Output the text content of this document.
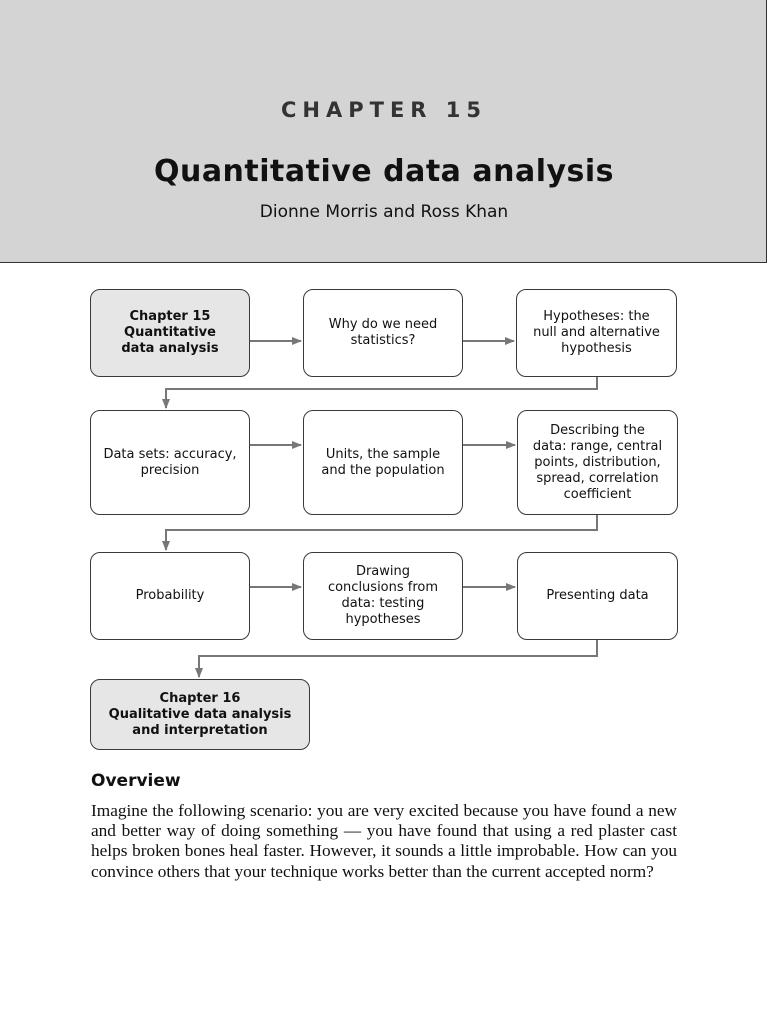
CHAPTER 15
Quantitative data analysis
Dionne Morris and Ross Khan
Chapter 15
Quantitative
data analysis
Why do we need
statistics?
Hypotheses: the
null and alternative
hypothesis
Data sets: accuracy,
precision
Units, the sample
and the population
Describing the
data: range, central
points, distribution,
spread, correlation
coefficient
Probability
Drawing
conclusions from
data: testing
hypotheses
Presenting data
Chapter 16
Qualitative data analysis
and interpretation
Overview

Imagine the following scenario: you are very excited because you have found a new and better way of doing something — you have found that using a red plaster cast helps broken bones heal faster. However, it sounds a little improbable. How can you convince others that your technique works better than the current accepted norm?
